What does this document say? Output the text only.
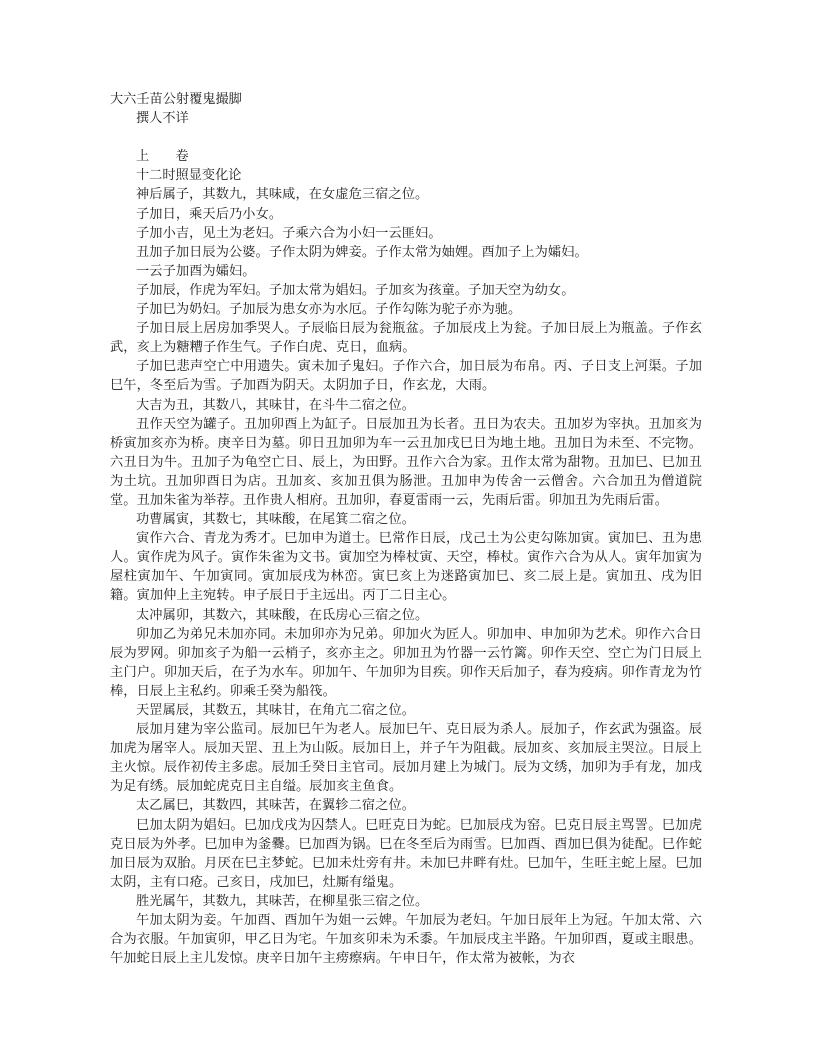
大六壬苗公射覆鬼撮脚
撰人不详
上　　卷
十二时照显变化论

神后属子，其数九，其味咸，在女虚危三宿之位。

子加日，乘天后乃小女。

子加小吉，见土为老妇。子乘六合为小妇一云匪妇。

丑加子加日辰为公婆。子作太阴为婢妾。子作太常为妯娌。酉加子上为孀妇。

一云子加酉为孀妇。

子加辰，作虎为军妇。子加太常为娼妇。子加亥为孩童。子加天空为幼女。

子加巳为奶妇。子加辰为患女亦为水厄。子作勾陈为驼子亦为驰。

子加日辰上居房加季哭人。子辰临日辰为瓮瓶盆。子加辰戌上为瓮。子加日辰上为瓶盖。子作玄武，亥上为糖糟子作生气。子作白虎、克日，血病。

子加巳悲声空亡中用遗失。寅未加子鬼妇。子作六合，加日辰为布帛。丙、子日支上河渠。子加巳午，冬至后为雪。子加酉为阴天。太阴加子日，作玄龙，大雨。

大吉为丑，其数八，其味甘，在斗牛二宿之位。

丑作天空为罐子。丑加卯酉上为缸子。日辰加丑为长者。丑日为农夫。丑加岁为宰执。丑加亥为桥寅加亥亦为桥。庚辛日为墓。卯日丑加卯为车一云丑加戌巳日为地土地。丑加日为未至、不完物。六丑日为牛。丑加子为龟空亡日、辰上，为田野。丑作六合为家。丑作太常为甜物。丑加巳、巳加丑为土坑。丑加卯酉日为店。丑加亥、亥加丑俱为肠泄。丑加申为传舍一云僧舍。六合加丑为僧道院堂。丑加朱雀为举荐。丑作贵人相府。丑加卯，春夏雷雨一云，先雨后雷。卯加丑为先雨后雷。

功曹属寅，其数七，其味酸，在尾箕二宿之位。

寅作六合、青龙为秀才。巳加申为道士。巳常作日辰，戊己土为公吏勾陈加寅。寅加巳、丑为患人。寅作虎为风子。寅作朱雀为文书。寅加空为棒杖寅、天空，棒杖。寅作六合为从人。寅年加寅为屋柱寅加午、午加寅同。寅加辰戌为林峦。寅巳亥上为迷路寅加巳、亥二辰上是。寅加丑、戌为旧籍。寅加仲上主宛转。申子辰日于主远出。丙丁二日主心。

太冲属卯，其数六，其味酸，在氐房心三宿之位。

卯加乙为弟兄未加亦同。未加卯亦为兄弟。卯加火为匠人。卯加申、申加卯为艺术。卯作六合日辰为罗网。卯加亥子为船一云梢子，亥亦主之。卯加丑为竹器一云竹篱。卯作天空、空亡为门日辰上主门户。卯加天后，在子为水车。卯加午、午加卯为目疾。卯作天后加子，春为疫病。卯作青龙为竹棒，日辰上主私约。卯乘壬癸为船筏。

天罡属辰，其数五，其味甘，在角亢二宿之位。

辰加月建为宰公监司。辰加巳午为老人。辰加巳午、克日辰为杀人。辰加子，作玄武为强盗。辰加虎为屠宰人。辰加天罡、丑上为山阪。辰加日上，并子午为阻截。辰加亥、亥加辰主哭泣。日辰上主火惊。辰作初传主多虑。辰加壬癸日主官司。辰加月建上为城门。辰为文绣，加卯为手有龙，加戌为足有绣。辰加蛇虎克日主自缢。辰加亥主鱼食。

太乙属巳，其数四，其味苦，在翼轸二宿之位。

巳加太阴为娼妇。巳加戊戌为囚禁人。巳旺克日为蛇。巳加辰戌为窑。巳克日辰主骂詈。巳加虎克日辰为外孝。巳加申为釜爨。巳加酉为锅。巳在冬至后为雨雪。巳加酉、酉加巳俱为徒配。巳作蛇加日辰为双胎。月厌在巳主梦蛇。巳加未灶旁有井。未加巳井畔有灶。巳加午，生旺主蛇上屋。巳加太阴，主有口疮。己亥日，戌加巳，灶厮有缢鬼。

胜光属午，其数九，其味苦，在柳星张三宿之位。

午加太阴为妾。午加酉、酉加午为姐一云婢。午加辰为老妇。午加日辰年上为冠。午加太常、六合为衣服。午加寅卯，甲乙日为宅。午加亥卯未为禾黍。午加辰戌主半路。午加卯酉，夏或主眼患。午加蛇日辰上主儿发惊。庚辛日加午主痨瘵病。午申日午，作太常为被帐，为衣
